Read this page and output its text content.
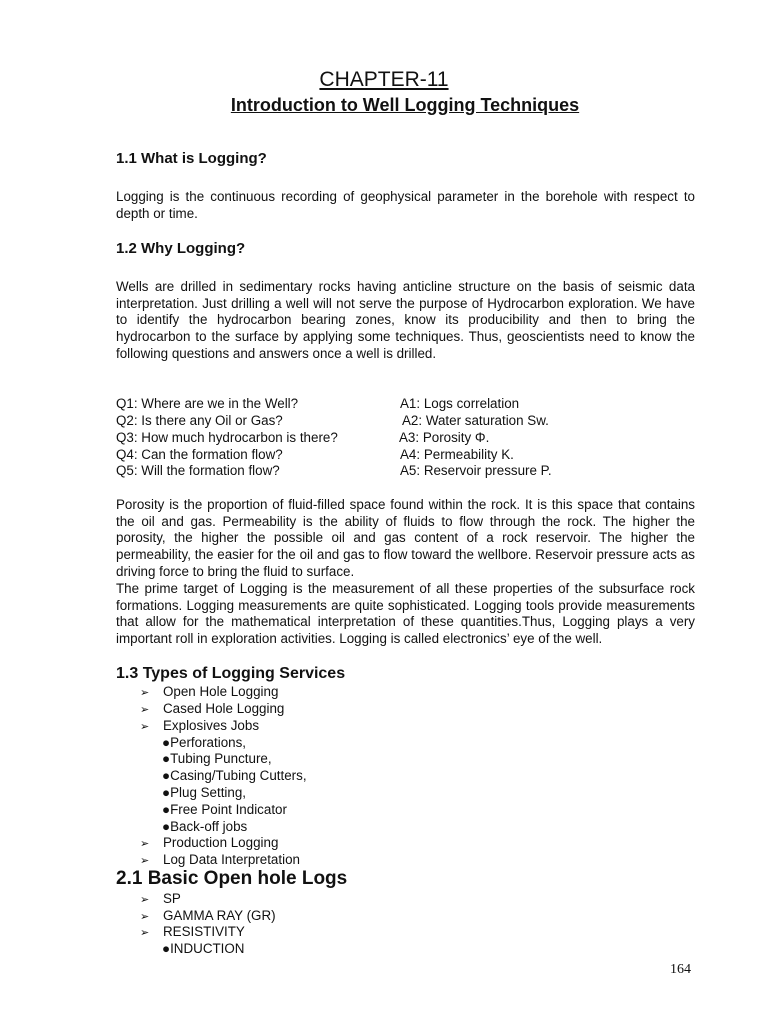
CHAPTER-11
Introduction to Well Logging Techniques
1.1 What is Logging?

Logging is the continuous recording of geophysical parameter in the borehole with respect to depth or time.

1.2 Why Logging?

Wells are drilled in sedimentary rocks having anticline structure on the basis of seismic data interpretation. Just drilling a well will not serve the purpose of Hydrocarbon exploration. We have to identify the hydrocarbon bearing zones, know its producibility and then to bring the hydrocarbon to the surface by applying some techniques. Thus, geoscientists need to know the following questions and answers once a well is drilled.

Q1: Where are we in the Well?	A1: Logs correlation
Q2: Is there any Oil or Gas?	A2: Water saturation Sw.
Q3: How much hydrocarbon is there?	A3: Porosity Φ.
Q4: Can the formation flow?	A4: Permeability K.
Q5: Will the formation flow?	A5: Reservoir pressure P.

Porosity is the proportion of fluid-filled space found within the rock. It is this space that contains the oil and gas. Permeability is the ability of fluids to flow through the rock. The higher the porosity, the higher the possible oil and gas content of a rock reservoir. The higher the permeability, the easier for the oil and gas to flow toward the wellbore. Reservoir pressure acts as driving force to bring the fluid to surface.

The prime target of Logging is the measurement of all these properties of the subsurface rock formations. Logging measurements are quite sophisticated. Logging tools provide measurements that allow for the mathematical interpretation of these quantities.Thus, Logging plays a very important roll in exploration activities. Logging is called electronics’ eye of the well.

1.3 Types of Logging Services
➢ Open Hole Logging
➢ Cased Hole Logging
➢ Explosives Jobs
●Perforations,
●Tubing Puncture,
●Casing/Tubing Cutters,
●Plug Setting,
●Free Point Indicator
●Back-off jobs
➢ Production Logging
➢ Log Data Interpretation
2.1 Basic Open hole Logs
➢ SP
➢ GAMMA RAY (GR)
➢ RESISTIVITY
●INDUCTION
164
